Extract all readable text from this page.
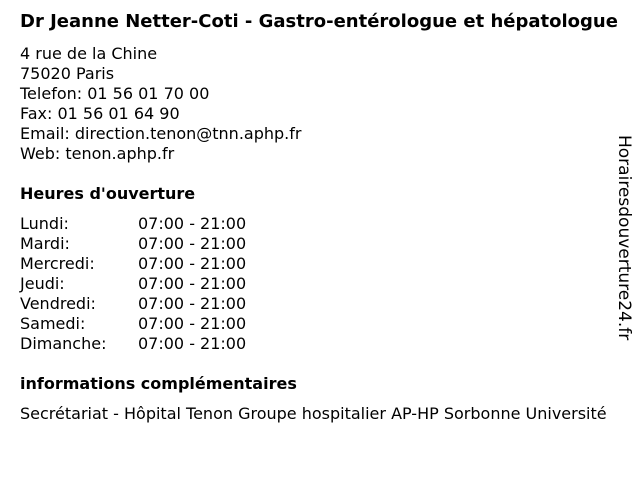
Dr Jeanne Netter-Coti - Gastro-entérologue et hépatologue
4 rue de la Chine
75020 Paris
Telefon: 01 56 01 70 00
Fax: 01 56 01 64 90
Email: direction.tenon@tnn.aphp.fr
Web: tenon.aphp.fr
Heures d'ouverture
Lundi:	07:00 - 21:00
Mardi:	07:00 - 21:00
Mercredi:	07:00 - 21:00
Jeudi:	07:00 - 21:00
Vendredi:	07:00 - 21:00
Samedi:	07:00 - 21:00
Dimanche:	07:00 - 21:00
informations complémentaires
Secrétariat - Hôpital Tenon Groupe hospitalier AP-HP Sorbonne Université
Horairesdouverture24.fr
